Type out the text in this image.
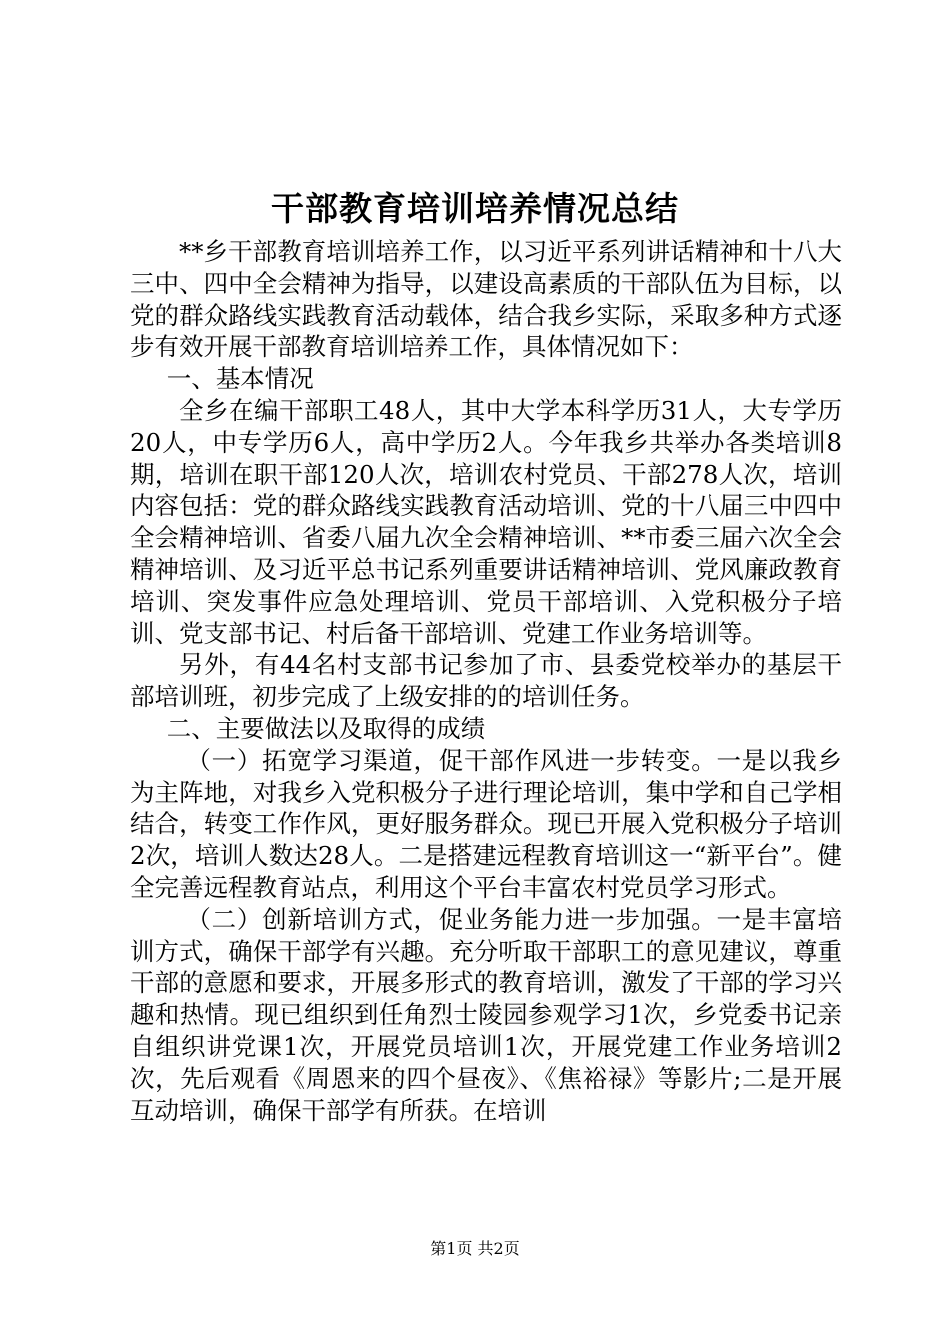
干部教育培训培养情况总结

**乡干部教育培训培养工作，以习近平系列讲话精神和十八大三中、四中全会精神为指导，以建设高素质的干部队伍为目标，以党的群众路线实践教育活动载体，结合我乡实际，采取多种方式逐步有效开展干部教育培训培养工作，具体情况如下：

一、基本情况

全乡在编干部职工48人，其中大学本科学历31人，大专学历20人，中专学历6人，高中学历2人。今年我乡共举办各类培训8期，培训在职干部120人次，培训农村党员、干部278人次，培训内容包括：党的群众路线实践教育活动培训、党的十八届三中四中全会精神培训、省委八届九次全会精神培训、**市委三届六次全会精神培训、及习近平总书记系列重要讲话精神培训、党风廉政教育培训、突发事件应急处理培训、党员干部培训、入党积极分子培训、党支部书记、村后备干部培训、党建工作业务培训等。

另外，有44名村支部书记参加了市、县委党校举办的基层干部培训班，初步完成了上级安排的的培训任务。

二、主要做法以及取得的成绩

（一）拓宽学习渠道，促干部作风进一步转变。一是以我乡为主阵地，对我乡入党积极分子进行理论培训，集中学和自己学相结合，转变工作作风，更好服务群众。现已开展入党积极分子培训2次，培训人数达28人。二是搭建远程教育培训这一“新平台”。健全完善远程教育站点，利用这个平台丰富农村党员学习形式。

（二）创新培训方式，促业务能力进一步加强。一是丰富培训方式，确保干部学有兴趣。充分听取干部职工的意见建议，尊重干部的意愿和要求，开展多形式的教育培训，激发了干部的学习兴趣和热情。现已组织到任角烈士陵园参观学习1次，乡党委书记亲自组织讲党课1次，开展党员培训1次，开展党建工作业务培训2次，先后观看《周恩来的四个昼夜》、《焦裕禄》等影片;二是开展互动培训，确保干部学有所获。在培训

第1页 共2页
